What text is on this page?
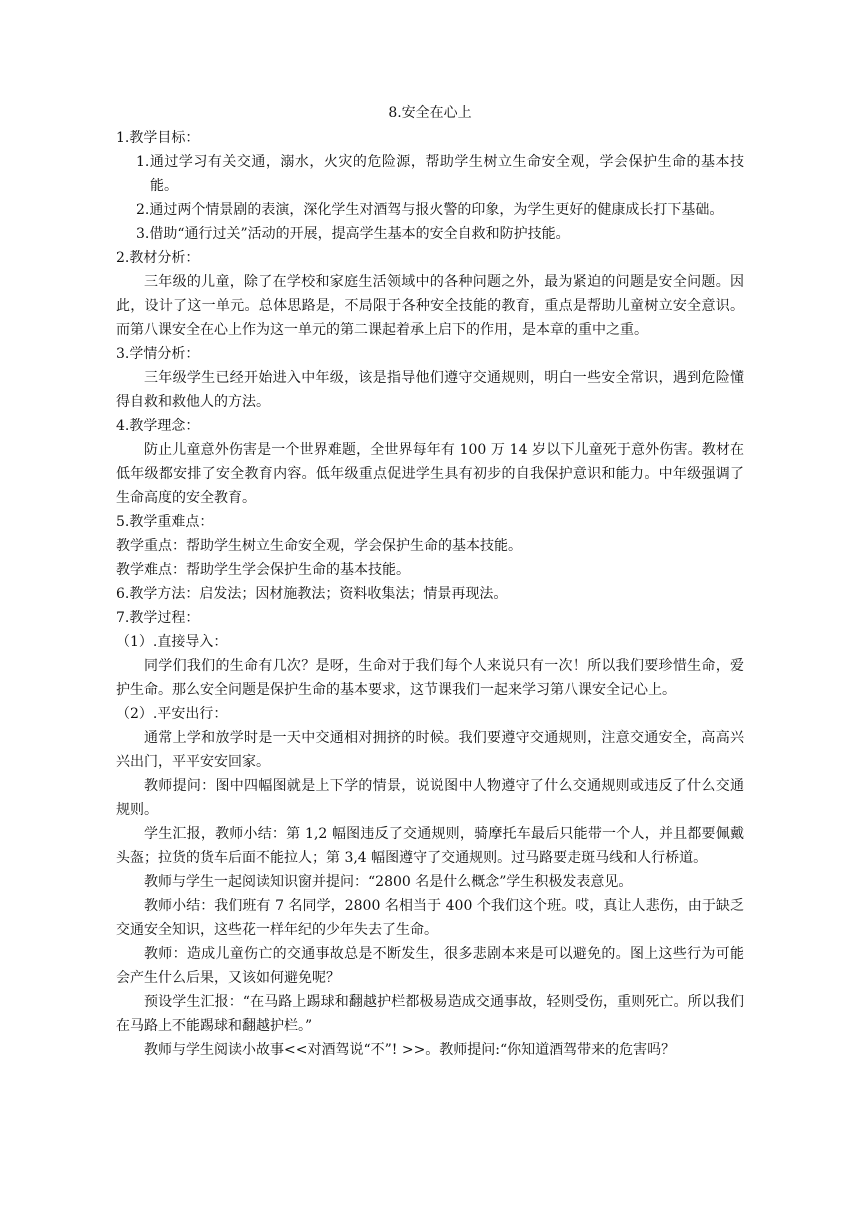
8.安全在心上

1.教学目标：

1.通过学习有关交通，溺水，火灾的危险源，帮助学生树立生命安全观，学会保护生命的基本技能。

2.通过两个情景剧的表演，深化学生对酒驾与报火警的印象，为学生更好的健康成长打下基础。

3.借助“通行过关”活动的开展，提高学生基本的安全自救和防护技能。

2.教材分析：

三年级的儿童，除了在学校和家庭生活领域中的各种问题之外，最为紧迫的问题是安全问题。因此，设计了这一单元。总体思路是，不局限于各种安全技能的教育，重点是帮助儿童树立安全意识。而第八课安全在心上作为这一单元的第二课起着承上启下的作用，是本章的重中之重。

3.学情分析：

三年级学生已经开始进入中年级，该是指导他们遵守交通规则，明白一些安全常识，遇到危险懂得自救和救他人的方法。

4.教学理念：

防止儿童意外伤害是一个世界难题，全世界每年有 100 万 14 岁以下儿童死于意外伤害。教材在低年级都安排了安全教育内容。低年级重点促进学生具有初步的自我保护意识和能力。中年级强调了生命高度的安全教育。

5.教学重难点：

教学重点：帮助学生树立生命安全观，学会保护生命的基本技能。

教学难点：帮助学生学会保护生命的基本技能。

6.教学方法：启发法；因材施教法；资料收集法；情景再现法。

7.教学过程：

（1）.直接导入：

同学们我们的生命有几次？是呀，生命对于我们每个人来说只有一次！所以我们要珍惜生命，爱护生命。那么安全问题是保护生命的基本要求，这节课我们一起来学习第八课安全记心上。

（2）.平安出行：

通常上学和放学时是一天中交通相对拥挤的时候。我们要遵守交通规则，注意交通安全，高高兴兴出门，平平安安回家。

教师提问：图中四幅图就是上下学的情景，说说图中人物遵守了什么交通规则或违反了什么交通规则。

学生汇报，教师小结：第 1,2 幅图违反了交通规则，骑摩托车最后只能带一个人，并且都要佩戴头盔；拉货的货车后面不能拉人；第 3,4 幅图遵守了交通规则。过马路要走斑马线和人行桥道。

教师与学生一起阅读知识窗并提问：“2800 名是什么概念”学生积极发表意见。

教师小结：我们班有 7 名同学，2800 名相当于 400 个我们这个班。哎，真让人悲伤，由于缺乏交通安全知识，这些花一样年纪的少年失去了生命。

教师：造成儿童伤亡的交通事故总是不断发生，很多悲剧本来是可以避免的。图上这些行为可能会产生什么后果，又该如何避免呢？

预设学生汇报：“在马路上踢球和翻越护栏都极易造成交通事故，轻则受伤，重则死亡。所以我们在马路上不能踢球和翻越护栏。”

教师与学生阅读小故事<<对酒驾说“不”! >>。教师提问:“你知道酒驾带来的危害吗？
